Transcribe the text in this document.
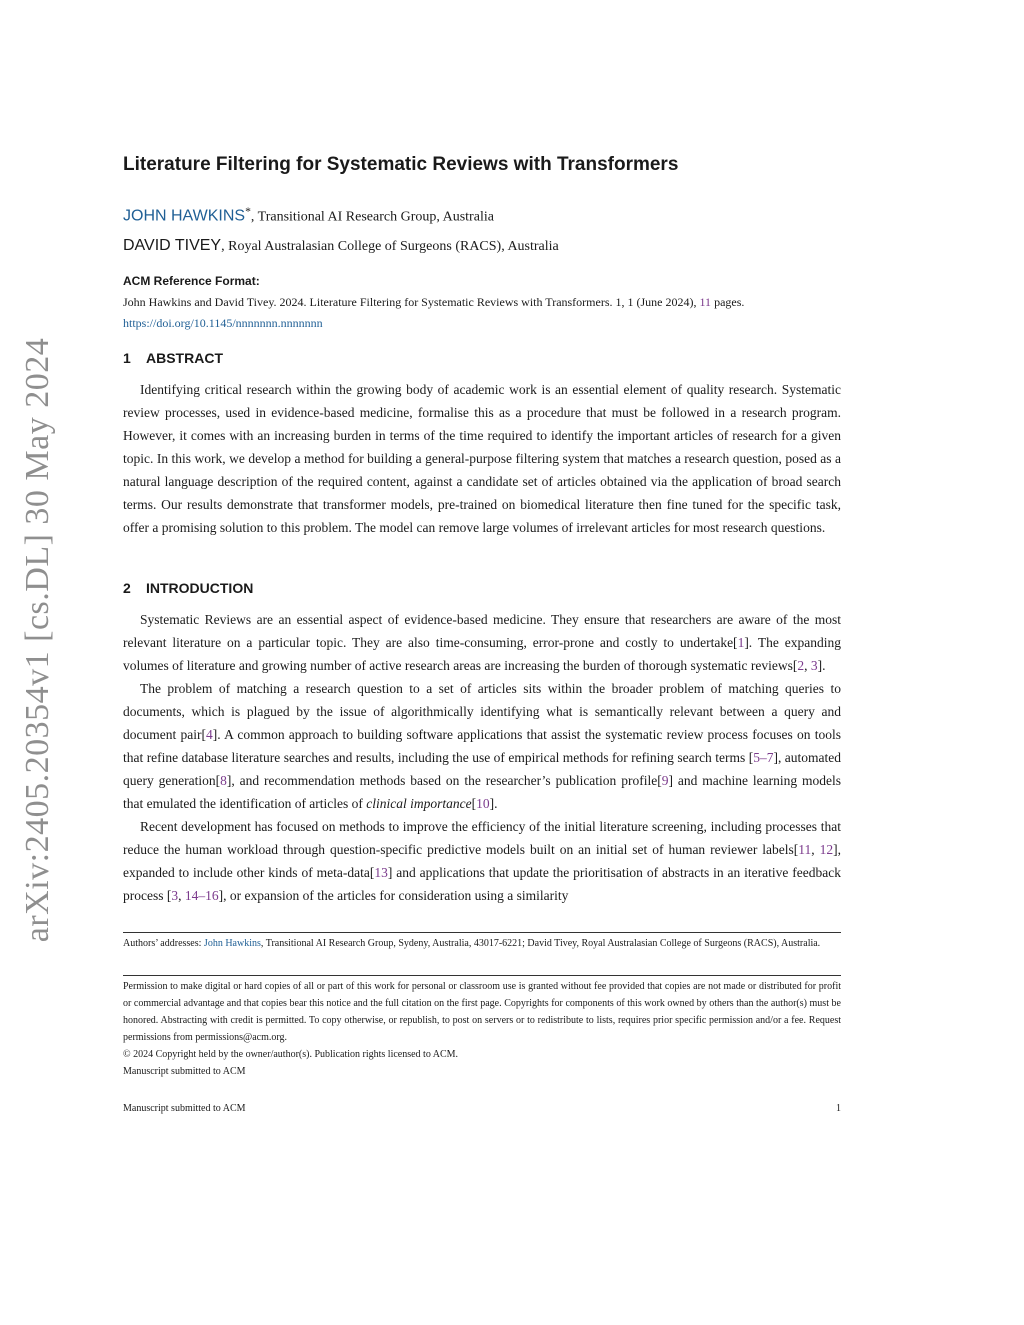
arXiv:2405.20354v1 [cs.DL] 30 May 2024
Literature Filtering for Systematic Reviews with Transformers
JOHN HAWKINS*, Transitional AI Research Group, Australia
DAVID TIVEY, Royal Australasian College of Surgeons (RACS), Australia
ACM Reference Format:
John Hawkins and David Tivey. 2024. Literature Filtering for Systematic Reviews with Transformers. 1, 1 (June 2024), 11 pages.
https://doi.org/10.1145/nnnnnnn.nnnnnnn
1 ABSTRACT

Identifying critical research within the growing body of academic work is an essential element of quality research. Systematic review processes, used in evidence-based medicine, formalise this as a procedure that must be followed in a research program. However, it comes with an increasing burden in terms of the time required to identify the important articles of research for a given topic. In this work, we develop a method for building a general-purpose filtering system that matches a research question, posed as a natural language description of the required content, against a candidate set of articles obtained via the application of broad search terms. Our results demonstrate that transformer models, pre-trained on biomedical literature then fine tuned for the specific task, offer a promising solution to this problem. The model can remove large volumes of irrelevant articles for most research questions.

2 INTRODUCTION

Systematic Reviews are an essential aspect of evidence-based medicine. They ensure that researchers are aware of the most relevant literature on a particular topic. They are also time-consuming, error-prone and costly to undertake[1]. The expanding volumes of literature and growing number of active research areas are increasing the burden of thorough systematic reviews[2, 3].

The problem of matching a research question to a set of articles sits within the broader problem of matching queries to documents, which is plagued by the issue of algorithmically identifying what is semantically relevant between a query and document pair[4]. A common approach to building software applications that assist the systematic review process focuses on tools that refine database literature searches and results, including the use of empirical methods for refining search terms [5–7], automated query generation[8], and recommendation methods based on the researcher’s publication profile[9] and machine learning models that emulated the identification of articles of clinical importance[10].

Recent development has focused on methods to improve the efficiency of the initial literature screening, including processes that reduce the human workload through question-specific predictive models built on an initial set of human reviewer labels[11, 12], expanded to include other kinds of meta-data[13] and applications that update the prioritisation of abstracts in an iterative feedback process [3, 14–16], or expansion of the articles for consideration using a similarity

Authors’ addresses: John Hawkins, Transitional AI Research Group, Sydeny, Australia, 43017-6221; David Tivey, Royal Australasian College of Surgeons (RACS), Australia.
Permission to make digital or hard copies of all or part of this work for personal or classroom use is granted without fee provided that copies are not made or distributed for profit or commercial advantage and that copies bear this notice and the full citation on the first page. Copyrights for components of this work owned by others than the author(s) must be honored. Abstracting with credit is permitted. To copy otherwise, or republish, to post on servers or to redistribute to lists, requires prior specific permission and/or a fee. Request permissions from permissions@acm.org.
© 2024 Copyright held by the owner/author(s). Publication rights licensed to ACM.
Manuscript submitted to ACM
Manuscript submitted to ACM	1
